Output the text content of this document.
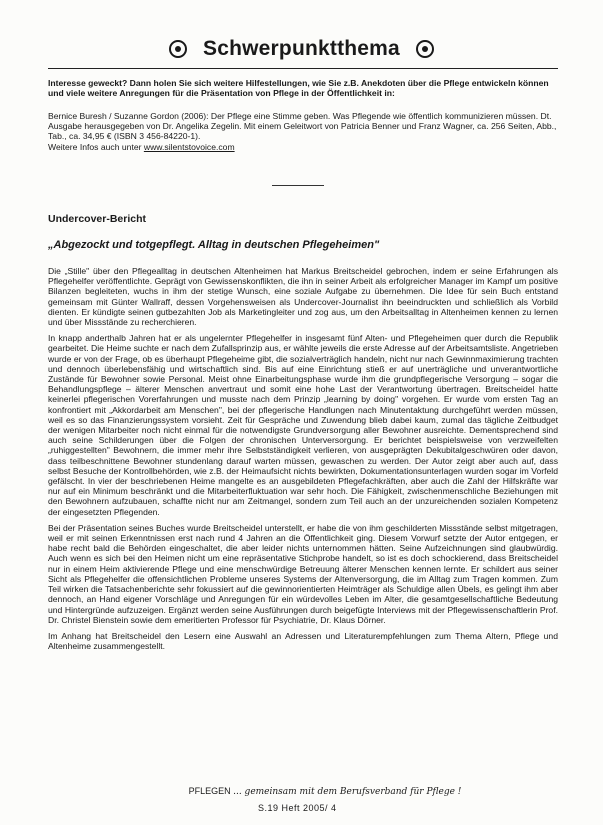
Schwerpunktthema

Interesse geweckt? Dann holen Sie sich weitere Hilfestellungen, wie Sie z.B. Anekdoten über die Pflege entwickeln können und viele weitere Anregungen für die Präsentation von Pflege in der Öffentlichkeit in:

Bernice Buresh / Suzanne Gordon (2006): Der Pflege eine Stimme geben. Was Pflegende wie öffentlich kommunizieren müssen. Dt. Ausgabe herausgegeben von Dr. Angelika Zegelin. Mit einem Geleitwort von Patricia Benner und Franz Wagner, ca. 256 Seiten, Abb., Tab., ca. 34,95 € (ISBN 3 456-84220-1).

Weitere Infos auch unter www.silentstovoice.com

Undercover-Bericht
„Abgezockt und totgepflegt. Alltag in deutschen Pflegeheimen"

Die „Stille" über den Pflegealltag in deutschen Altenheimen hat Markus Breitscheidel gebrochen, indem er seine Erfahrungen als Pflegehelfer veröffentlichte. Geprägt von Gewissenskonflikten, die ihn in seiner Arbeit als erfolgreicher Manager im Kampf um positive Bilanzen begleiteten, wuchs in ihm der stetige Wunsch, eine soziale Aufgabe zu übernehmen. Die Idee für sein Buch entstand gemeinsam mit Günter Wallraff, dessen Vorgehensweisen als Undercover-Journalist ihn beeindruckten und schließlich als Vorbild dienten. Er kündigte seinen gutbezahlten Job als Marketingleiter und zog aus, um den Arbeitsalltag in Altenheimen kennen zu lernen und über Missstände zu recherchieren.

In knapp anderthalb Jahren hat er als ungelernter Pflegehelfer in insgesamt fünf Alten- und Pflegeheimen quer durch die Republik gearbeitet. Die Heime suchte er nach dem Zufallsprinzip aus, er wählte jeweils die erste Adresse auf der Arbeitsamtsliste. Angetrieben wurde er von der Frage, ob es überhaupt Pflegeheime gibt, die sozialverträglich handeln, nicht nur nach Gewinnmaximierung trachten und dennoch überlebensfähig und wirtschaftlich sind. Bis auf eine Einrichtung stieß er auf unerträgliche und unverantwortliche Zustände für Bewohner sowie Personal. Meist ohne Einarbeitungsphase wurde ihm die grundpflegerische Versorgung – sogar die Behandlungspflege – älterer Menschen anvertraut und somit eine hohe Last der Verantwortung übertragen. Breitscheidel hatte keinerlei pflegerischen Vorerfahrungen und musste nach dem Prinzip „learning by doing" vorgehen. Er wurde vom ersten Tag an konfrontiert mit „Akkordarbeit am Menschen", bei der pflegerische Handlungen nach Minutentaktung durchgeführt werden müssen, weil es so das Finanzierungssystem vorsieht. Zeit für Gespräche und Zuwendung blieb dabei kaum, zumal das tägliche Zeitbudget der wenigen Mitarbeiter noch nicht einmal für die notwendigste Grundversorgung aller Bewohner ausreichte. Dementsprechend sind auch seine Schilderungen über die Folgen der chronischen Unterversorgung. Er berichtet beispielsweise von verzweifelten „ruhiggestellten" Bewohnern, die immer mehr ihre Selbstständigkeit verlieren, von ausgeprägten Dekubitalgeschwüren oder davon, dass teilbeschnittene Bewohner stundenlang darauf warten müssen, gewaschen zu werden. Der Autor zeigt aber auch auf, dass selbst Besuche der Kontrollbehörden, wie z.B. der Heimaufsicht nichts bewirkten, Dokumentationsunterlagen wurden sogar im Vorfeld gefälscht. In vier der beschriebenen Heime mangelte es an ausgebildeten Pflegefachkräften, aber auch die Zahl der Hilfskräfte war nur auf ein Minimum beschränkt und die Mitarbeiterfluktuation war sehr hoch. Die Fähigkeit, zwischenmenschliche Beziehungen mit den Bewohnern aufzubauen, schaffte nicht nur am Zeitmangel, sondern zum Teil auch an der unzureichenden sozialen Kompetenz der eingesetzten Pflegenden.

Bei der Präsentation seines Buches wurde Breitscheidel unterstellt, er habe die von ihm geschilderten Missstände selbst mitgetragen, weil er mit seinen Erkenntnissen erst nach rund 4 Jahren an die Öffentlichkeit ging. Diesem Vorwurf setzte der Autor entgegen, er habe recht bald die Behörden eingeschaltet, die aber leider nichts unternommen hätten. Seine Aufzeichnungen sind glaubwürdig. Auch wenn es sich bei den Heimen nicht um eine repräsentative Stichprobe handelt, so ist es doch schockierend, dass Breitscheidel nur in einem Heim aktivierende Pflege und eine menschwürdige Betreuung älterer Menschen kennen lernte. Er schildert aus seiner Sicht als Pflegehelfer die offensichtlichen Probleme unseres Systems der Altenversorgung, die im Alltag zum Tragen kommen. Zum Teil wirken die Tatsachenberichte sehr fokussiert auf die gewinnorientierten Heimträger als Schuldige allen Übels, es gelingt ihm aber dennoch, an Hand eigener Vorschläge und Anregungen für ein würdevolles Leben im Alter, die gesamtgesellschaftliche Bedeutung und Hintergründe aufzuzeigen. Ergänzt werden seine Ausführungen durch beigefügte Interviews mit der Pflegewissenschaftlerin Prof. Dr. Christel Bienstein sowie dem emeritierten Professor für Psychiatrie, Dr. Klaus Dörner.

Im Anhang hat Breitscheidel den Lesern eine Auswahl an Adressen und Literaturempfehlungen zum Thema Altern, Pflege und Altenheime zusammengestellt.

PFLEGEN ... gemeinsam mit dem Berufsverband für Pflege !
S.19 Heft 2005/ 4
